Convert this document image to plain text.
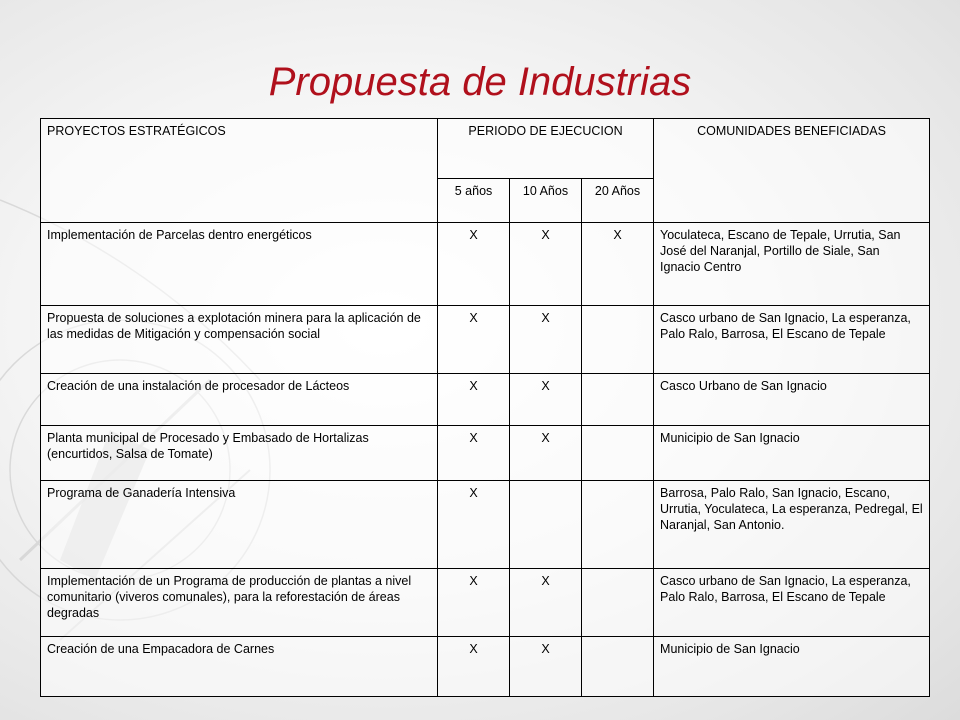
Propuesta de Industrias
PROYECTOS ESTRATÉGICOS	PERIODO DE EJECUCION			COMUNIDADES BENEFICIADAS
	5 años	10 Años	20 Años	
Implementación de Parcelas dentro energéticos	X	X	X	Yoculateca, Escano de Tepale, Urrutia, San José del Naranjal, Portillo de Siale, San Ignacio Centro
Propuesta de soluciones a explotación minera para la aplicación de las medidas de Mitigación y compensación social	X	X		Casco urbano de San Ignacio, La esperanza, Palo Ralo, Barrosa, El Escano de Tepale
Creación de una instalación de procesador de Lácteos	X	X		Casco Urbano de San Ignacio
Planta municipal de Procesado y Embasado de Hortalizas (encurtidos, Salsa de Tomate)	X	X		Municipio de San Ignacio
Programa de Ganadería Intensiva	X			Barrosa, Palo Ralo, San Ignacio, Escano, Urrutia, Yoculateca, La esperanza, Pedregal, El Naranjal, San Antonio.
Implementación de un Programa de producción de plantas a nivel comunitario (viveros comunales), para la reforestación de áreas degradas	X	X		Casco urbano de San Ignacio, La esperanza, Palo Ralo, Barrosa, El Escano de Tepale
Creación de una Empacadora de Carnes	X	X		Municipio de San Ignacio
